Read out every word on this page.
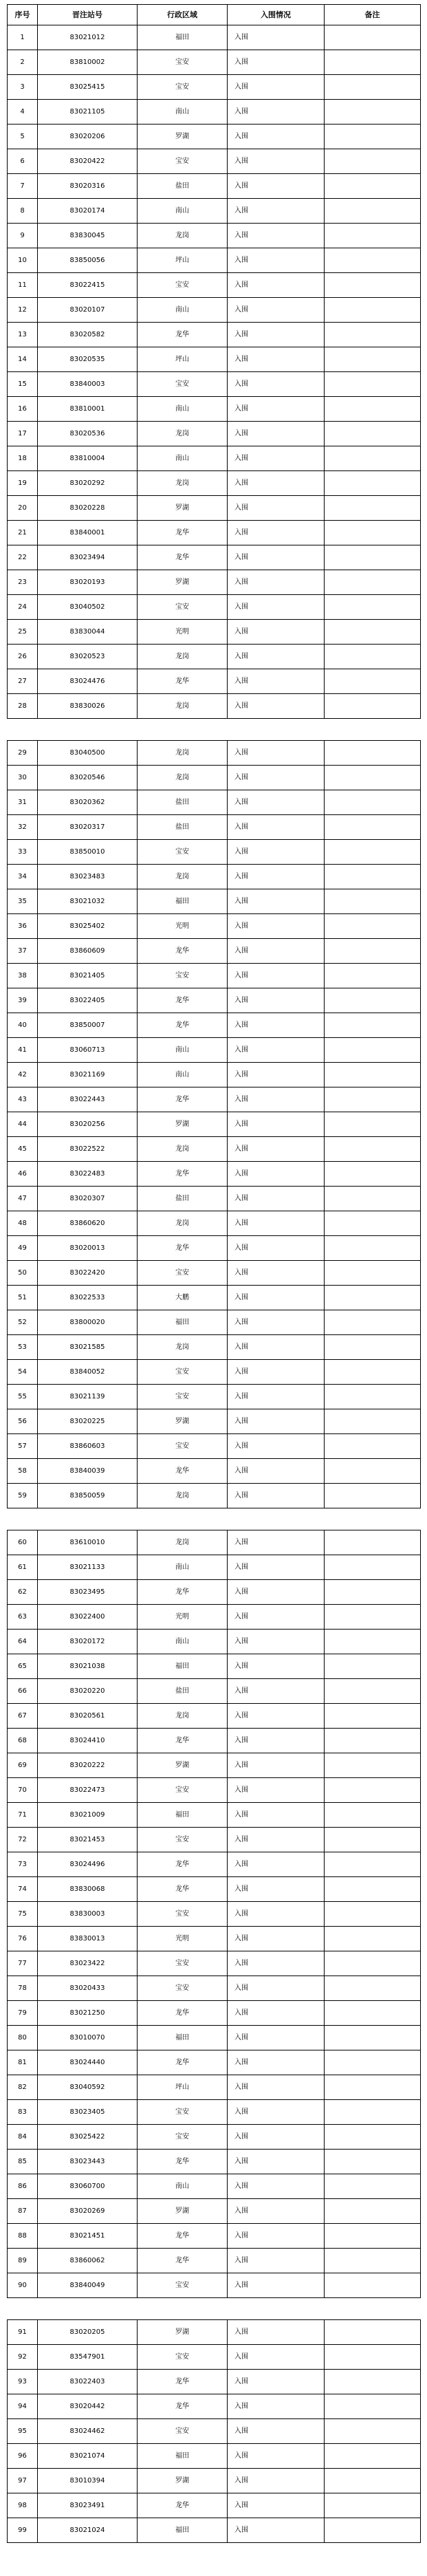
序号	晋注站号	行政区域	入围情况	备注
1	83021012	福田	入围	
2	83810002	宝安	入围	
3	83025415	宝安	入围	
4	83021105	南山	入围	
5	83020206	罗湖	入围	
6	83020422	宝安	入围	
7	83020316	盐田	入围	
8	83020174	南山	入围	
9	83830045	龙岗	入围	
10	83850056	坪山	入围	
11	83022415	宝安	入围	
12	83020107	南山	入围	
13	83020582	龙华	入围	
14	83020535	坪山	入围	
15	83840003	宝安	入围	
16	83810001	南山	入围	
17	83020536	龙岗	入围	
18	83810004	南山	入围	
19	83020292	龙岗	入围	
20	83020228	罗湖	入围	
21	83840001	龙华	入围	
22	83023494	龙华	入围	
23	83020193	罗湖	入围	
24	83040502	宝安	入围	
25	83830044	光明	入围	
26	83020523	龙岗	入围	
27	83024476	龙华	入围	
28	83830026	龙岗	入围	
29	83040500	龙岗	入围	
30	83020546	龙岗	入围	
31	83020362	盐田	入围	
32	83020317	盐田	入围	
33	83850010	宝安	入围	
34	83023483	龙岗	入围	
35	83021032	福田	入围	
36	83025402	光明	入围	
37	83860609	龙华	入围	
38	83021405	宝安	入围	
39	83022405	龙华	入围	
40	83850007	龙华	入围	
41	83060713	南山	入围	
42	83021169	南山	入围	
43	83022443	龙华	入围	
44	83020256	罗湖	入围	
45	83022522	龙岗	入围	
46	83022483	龙华	入围	
47	83020307	盐田	入围	
48	83860620	龙岗	入围	
49	83020013	龙华	入围	
50	83022420	宝安	入围	
51	83022533	大鹏	入围	
52	83800020	福田	入围	
53	83021585	龙岗	入围	
54	83840052	宝安	入围	
55	83021139	宝安	入围	
56	83020225	罗湖	入围	
57	83860603	宝安	入围	
58	83840039	龙华	入围	
59	83850059	龙岗	入围	
60	83610010	龙岗	入围	
61	83021133	南山	入围	
62	83023495	龙华	入围	
63	83022400	光明	入围	
64	83020172	南山	入围	
65	83021038	福田	入围	
66	83020220	盐田	入围	
67	83020561	龙岗	入围	
68	83024410	龙华	入围	
69	83020222	罗湖	入围	
70	83022473	宝安	入围	
71	83021009	福田	入围	
72	83021453	宝安	入围	
73	83024496	龙华	入围	
74	83830068	龙华	入围	
75	83830003	宝安	入围	
76	83830013	光明	入围	
77	83023422	宝安	入围	
78	83020433	宝安	入围	
79	83021250	龙华	入围	
80	83010070	福田	入围	
81	83024440	龙华	入围	
82	83040592	坪山	入围	
83	83023405	宝安	入围	
84	83025422	宝安	入围	
85	83023443	龙华	入围	
86	83060700	南山	入围	
87	83020269	罗湖	入围	
88	83021451	龙华	入围	
89	83860062	龙华	入围	
90	83840049	宝安	入围	
91	83020205	罗湖	入围	
92	83547901	宝安	入围	
93	83022403	龙华	入围	
94	83020442	龙华	入围	
95	83024462	宝安	入围	
96	83021074	福田	入围	
97	83010394	罗湖	入围	
98	83023491	龙华	入围	
99	83021024	福田	入围	
